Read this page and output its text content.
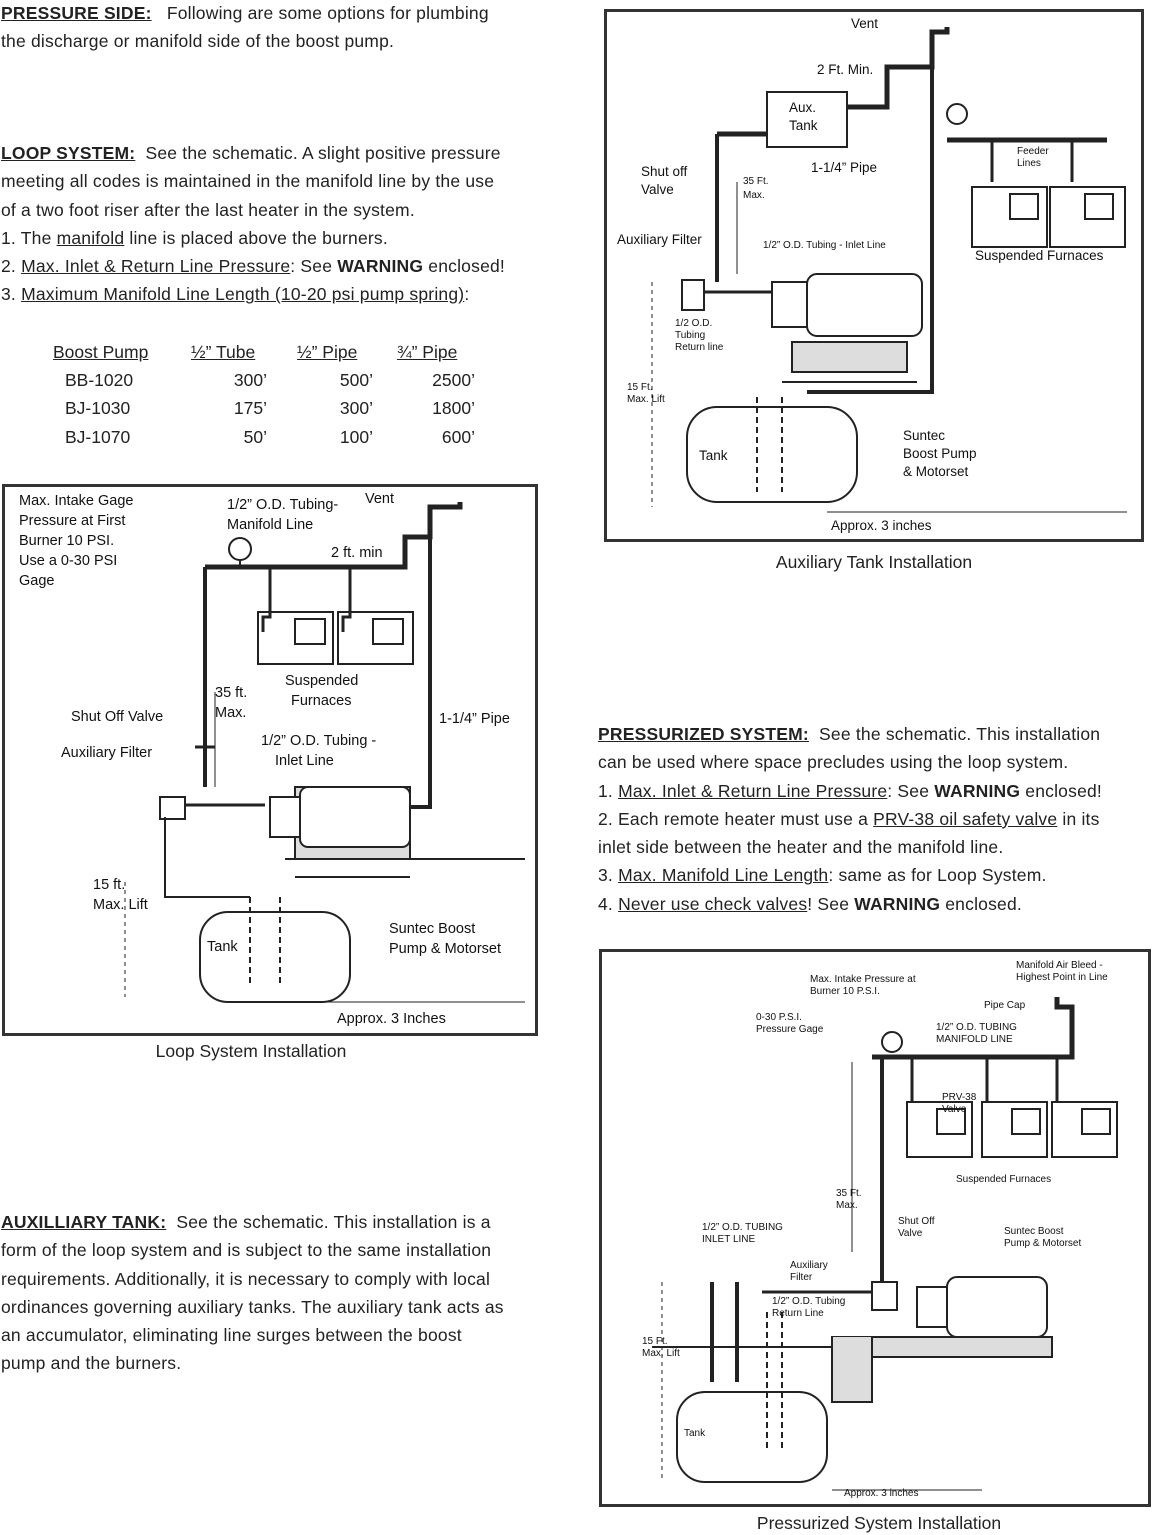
PRESSURE SIDE: Following are some options for plumbing
the discharge or manifold side of the boost pump.
LOOP SYSTEM: See the schematic. A slight positive pressure
meeting all codes is maintained in the manifold line by the use
of a two foot riser after the last heater in the system.
1. The manifold line is placed above the burners.
2. Max. Inlet & Return Line Pressure: See WARNING enclosed!
3. Maximum Manifold Line Length (10-20 psi pump spring):
Boost Pump	½” Tube	½” Pipe	¾” Pipe
BB-1020	300’	500’	2500’
BJ-1030	175’	300’	1800’
BJ-1070	50’	100’	600’
Max. Intake Gage
Pressure at First
Burner 10 PSI.
Use a 0-30 PSI
Gage
1/2” O.D. Tubing-
Manifold Line
Vent
2 ft. min
Suspended
Furnaces
35 ft.
Max.
Shut Off Valve	1-1/4” Pipe
Auxiliary Filter
1/2” O.D. Tubing -
Inlet Line
15 ft.
Max. Lift
Tank
Suntec Boost
Pump & Motorset
Approx. 3 Inches
Loop System Installation
AUXILLIARY TANK: See the schematic. This installation is a
form of the loop system and is subject to the same installation
requirements. Additionally, it is necessary to comply with local
ordinances governing auxiliary tanks. The auxiliary tank acts as
an accumulator, eliminating line surges between the boost
pump and the burners.
Vent
2 Ft. Min.
Aux.
Tank
Shut off
Valve
35 Ft.
Max.
1-1/4” Pipe
Feeder
Lines
Auxiliary Filter	1/2” O.D. Tubing - Inlet Line
Suspended Furnaces
1/2 O.D.
Tubing
Return line
15 Ft.
Max. Lift
Tank
Suntec
Boost Pump
& Motorset
Approx. 3 inches
Auxiliary Tank Installation
PRESSURIZED SYSTEM: See the schematic. This installation
can be used where space precludes using the loop system.
1. Max. Inlet & Return Line Pressure: See WARNING enclosed!
2. Each remote heater must use a PRV-38 oil safety valve in its
inlet side between the heater and the manifold line.
3. Max. Manifold Line Length: same as for Loop System.
4. Never use check valves! See WARNING enclosed.
Manifold Air Bleed -
Highest Point in Line
Max. Intake Pressure at
Burner 10 P.S.I.
Pipe Cap
0-30 P.S.I.
Pressure Gage	1/2” O.D. TUBING
MANIFOLD LINE
PRV-38
Valve
Suspended Furnaces
35 Ft.
Max.
Shut Off
Valve	Suntec Boost
Pump & Motorset
1/2” O.D. TUBING
INLET LINE
Auxiliary
Filter
1/2” O.D. Tubing
Return Line
15 Ft.
Max. Lift
Tank
Approx. 3 inches
Pressurized System Installation
